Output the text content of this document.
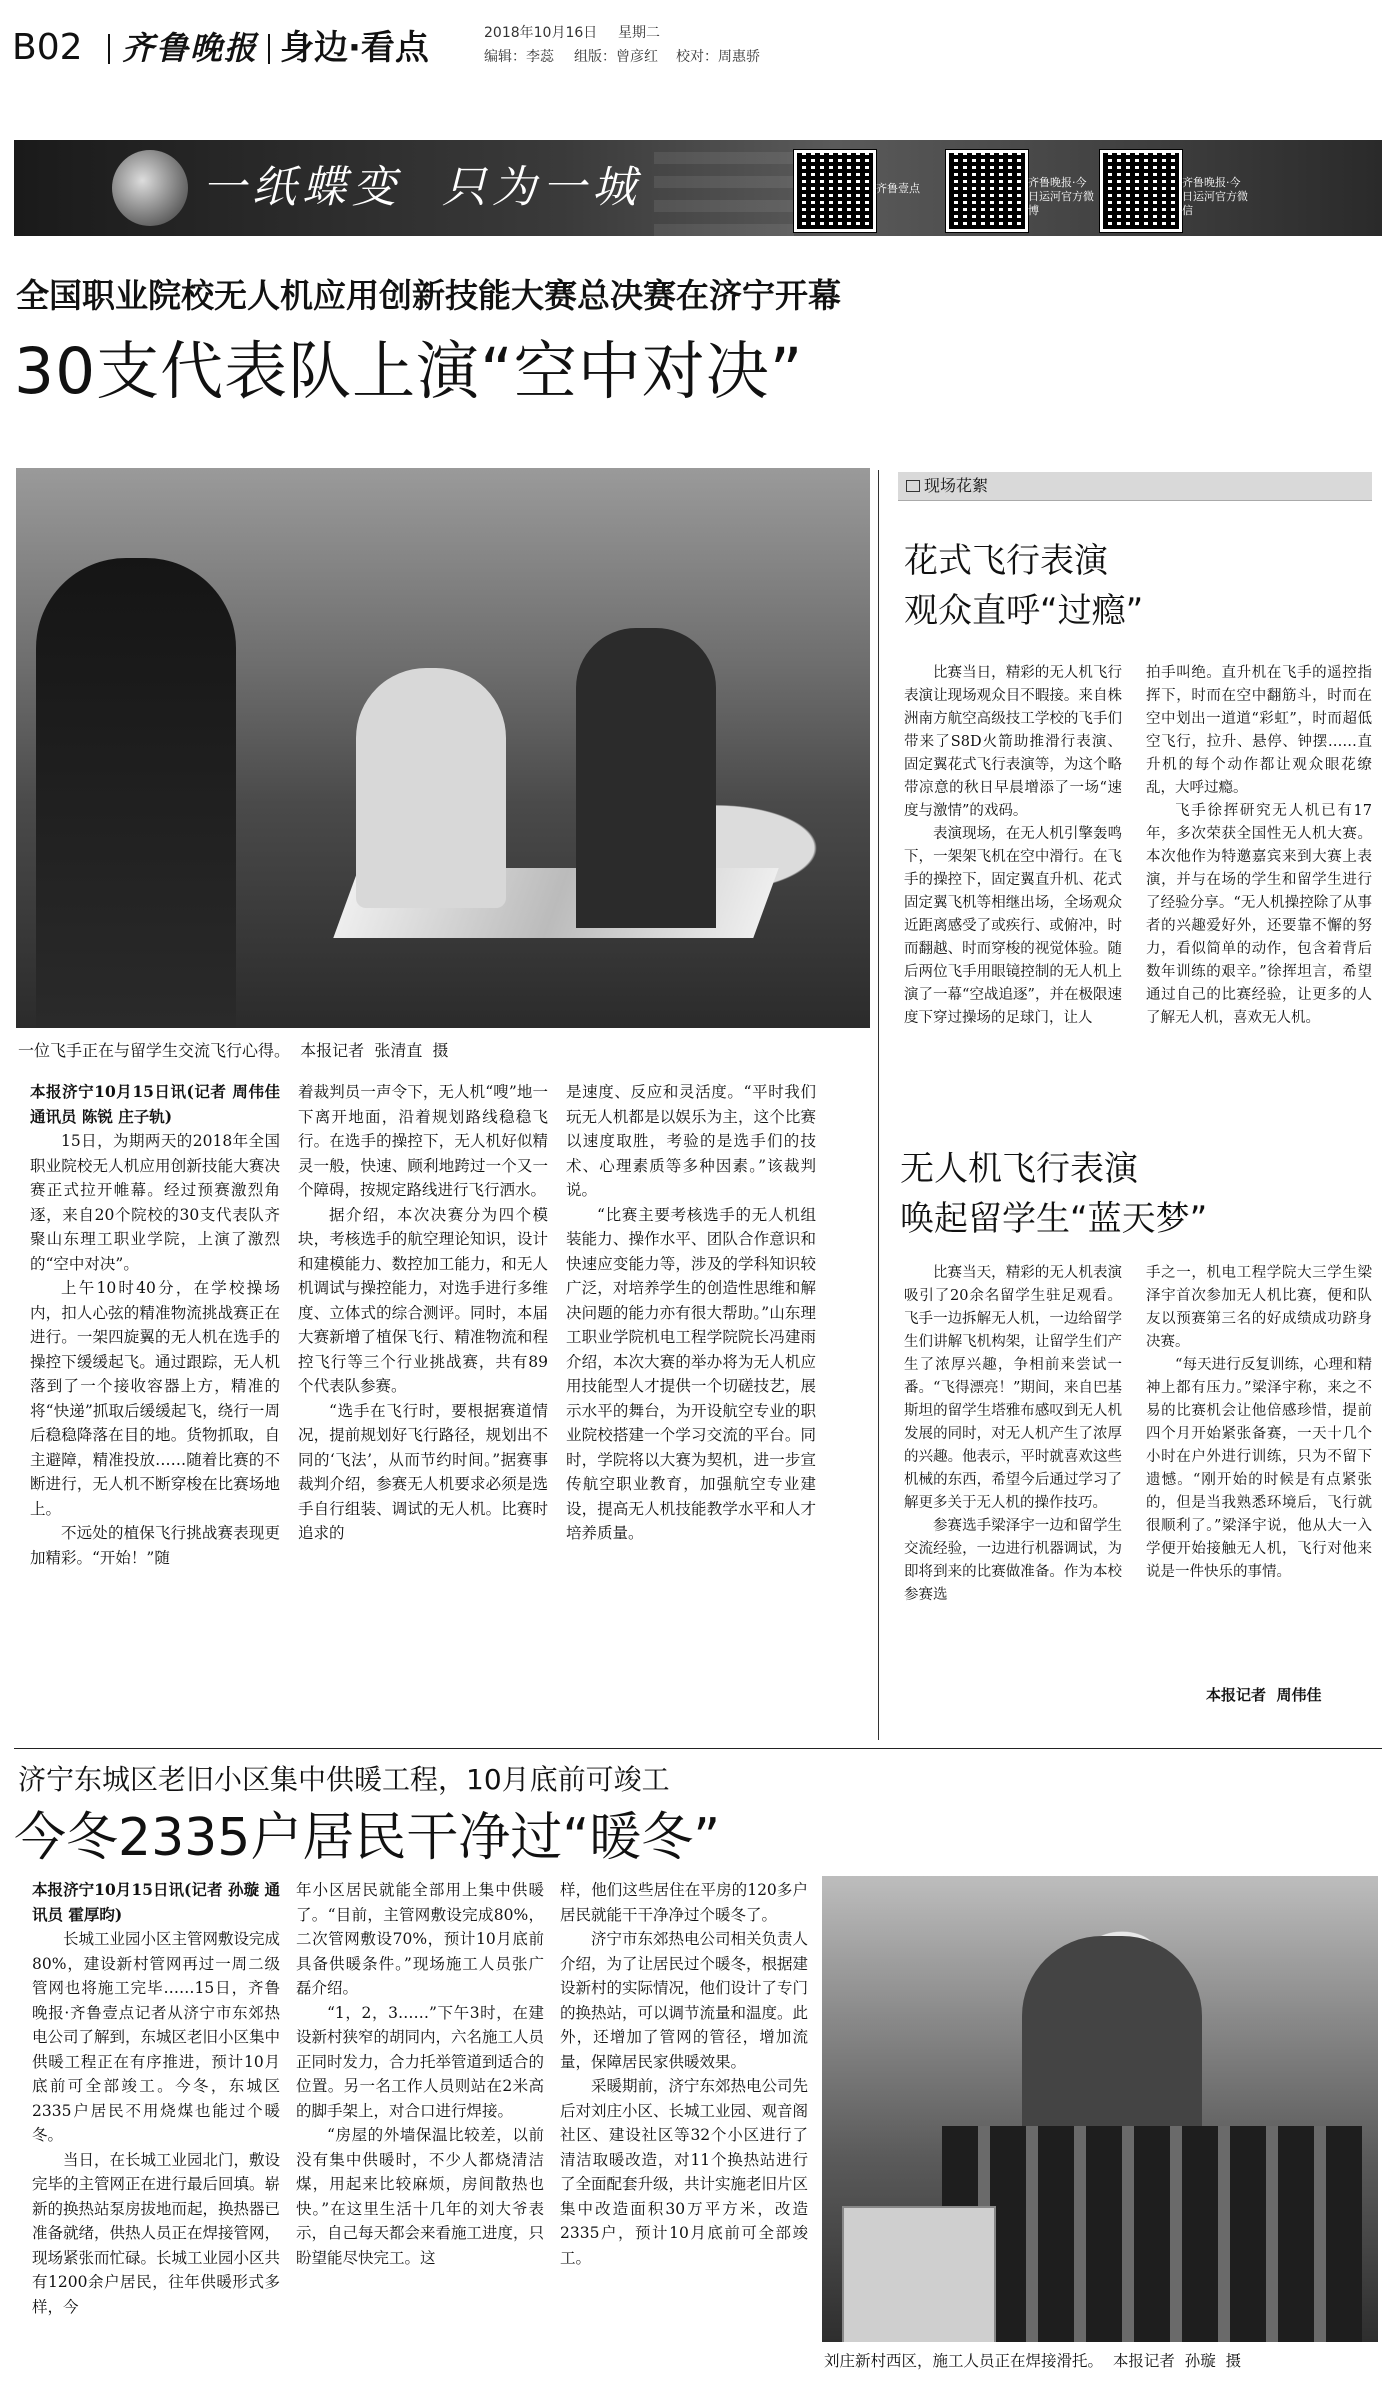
B02 齐鲁晚报 身边·看点	2018年10月16日 星期二
编辑：李蕊 组版：曾彦红 校对：周惠骄
一纸蝶变  只为一城	齐鲁壹点	齐鲁晚报·今日运河官方微博
齐鲁晚报·今日运河官方微信
全国职业院校无人机应用创新技能大赛总决赛在济宁开幕
30支代表队上演“空中对决”
一位飞手正在与留学生交流飞行心得。  本报记者  张清直  摄

本报济宁10月15日讯(记者 周伟佳 通讯员 陈锐 庄子轨)

15日，为期两天的2018年全国职业院校无人机应用创新技能大赛决赛正式拉开帷幕。经过预赛激烈角逐，来自20个院校的30支代表队齐聚山东理工职业学院，上演了激烈的“空中对决”。

上午10时40分，在学校操场内，扣人心弦的精准物流挑战赛正在进行。一架四旋翼的无人机在选手的操控下缓缓起飞。通过跟踪，无人机落到了一个接收容器上方，精准的将“快递”抓取后缓缓起飞，绕行一周后稳稳降落在目的地。货物抓取，自主避障，精准投放……随着比赛的不断进行，无人机不断穿梭在比赛场地上。

不远处的植保飞行挑战赛表现更加精彩。“开始！”随

着裁判员一声令下，无人机“嗖”地一下离开地面，沿着规划路线稳稳飞行。在选手的操控下，无人机好似精灵一般，快速、顾利地跨过一个又一个障碍，按规定路线进行飞行洒水。

据介绍，本次决赛分为四个模块，考核选手的航空理论知识，设计和建模能力、数控加工能力，和无人机调试与操控能力，对选手进行多维度、立体式的综合测评。同时，本届大赛新增了植保飞行、精准物流和程控飞行等三个行业挑战赛，共有89个代表队参赛。

“选手在飞行时，要根据赛道情况，提前规划好飞行路径，规划出不同的‘飞法’，从而节约时间。”据赛事裁判介绍，参赛无人机要求必须是选手自行组装、调试的无人机。比赛时追求的

是速度、反应和灵活度。“平时我们玩无人机都是以娱乐为主，这个比赛以速度取胜，考验的是选手们的技术、心理素质等多种因素。”该裁判说。

“比赛主要考核选手的无人机组装能力、操作水平、团队合作意识和快速应变能力等，涉及的学科知识较广泛，对培养学生的创造性思维和解决问题的能力亦有很大帮助。”山东理工职业学院机电工程学院院长冯建雨介绍，本次大赛的举办将为无人机应用技能型人才提供一个切磋技艺，展示水平的舞台，为开设航空专业的职业院校搭建一个学习交流的平台。同时，学院将以大赛为契机，进一步宣传航空职业教育，加强航空专业建设，提高无人机技能教学水平和人才培养质量。

现场花絮
花式飞行表演
观众直呼“过瘾”

比赛当日，精彩的无人机飞行表演让现场观众目不暇接。来自株洲南方航空高级技工学校的飞手们带来了S8D火箭助推滑行表演、固定翼花式飞行表演等，为这个略带凉意的秋日早晨增添了一场“速度与激情”的戏码。

表演现场，在无人机引擎轰鸣下，一架架飞机在空中滑行。在飞手的操控下，固定翼直升机、花式固定翼飞机等相继出场，全场观众近距离感受了或疾行、或俯冲，时而翻越、时而穿梭的视觉体验。随后两位飞手用眼镜控制的无人机上演了一幕“空战追逐”，并在极限速度下穿过操场的足球门，让人

拍手叫绝。直升机在飞手的遥控指挥下，时而在空中翻筋斗，时而在空中划出一道道“彩虹”，时而超低空飞行，拉升、悬停、钟摆……直升机的每个动作都让观众眼花缭乱，大呼过瘾。

飞手徐挥研究无人机已有17年，多次荣获全国性无人机大赛。本次他作为特邀嘉宾来到大赛上表演，并与在场的学生和留学生进行了经验分享。“无人机操控除了从事者的兴趣爱好外，还要靠不懈的努力，看似简单的动作，包含着背后数年训练的艰辛。”徐挥坦言，希望通过自己的比赛经验，让更多的人了解无人机，喜欢无人机。

无人机飞行表演
唤起留学生“蓝天梦”

比赛当天，精彩的无人机表演吸引了20余名留学生驻足观看。飞手一边拆解无人机，一边给留学生们讲解飞机构架，让留学生们产生了浓厚兴趣，争相前来尝试一番。“飞得漂亮！”期间，来自巴基斯坦的留学生塔雅布感叹到无人机发展的同时，对无人机产生了浓厚的兴趣。他表示，平时就喜欢这些机械的东西，希望今后通过学习了解更多关于无人机的操作技巧。

参赛选手梁泽宇一边和留学生交流经验，一边进行机器调试，为即将到来的比赛做准备。作为本校参赛选

手之一，机电工程学院大三学生梁泽宇首次参加无人机比赛，便和队友以预赛第三名的好成绩成功跻身决赛。

“每天进行反复训练，心理和精神上都有压力。”梁泽宇称，来之不易的比赛机会让他倍感珍惜，提前四个月开始紧张备赛，一天十几个小时在户外进行训练，只为不留下遗憾。“刚开始的时候是有点紧张的，但是当我熟悉环境后，飞行就很顺利了。”梁泽宇说，他从大一入学便开始接触无人机，飞行对他来说是一件快乐的事情。

本报记者  周伟佳
济宁东城区老旧小区集中供暖工程，10月底前可竣工
今冬2335户居民干净过“暖冬”

本报济宁10月15日讯(记者 孙璇 通讯员 霍厚昀)

长城工业园小区主管网敷设完成80%，建设新村管网再过一周二级管网也将施工完毕……15日，齐鲁晚报·齐鲁壹点记者从济宁市东郊热电公司了解到，东城区老旧小区集中供暖工程正在有序推进，预计10月底前可全部竣工。今冬，东城区2335户居民不用烧煤也能过个暖冬。

当日，在长城工业园北门，敷设完毕的主管网正在进行最后回填。崭新的换热站泵房拔地而起，换热器已准备就绪，供热人员正在焊接管网，现场紧张而忙碌。长城工业园小区共有1200余户居民，往年供暖形式多样，今

年小区居民就能全部用上集中供暖了。“目前，主管网敷设完成80%，二次管网敷设70%，预计10月底前具备供暖条件。”现场施工人员张广磊介绍。

“1，2，3……”下午3时，在建设新村狭窄的胡同内，六名施工人员正同时发力，合力托举管道到适合的位置。另一名工作人员则站在2米高的脚手架上，对合口进行焊接。

“房屋的外墙保温比较差，以前没有集中供暖时，不少人都烧清洁煤，用起来比较麻烦，房间散热也快。”在这里生活十几年的刘大爷表示，自己每天都会来看施工进度，只盼望能尽快完工。这

样，他们这些居住在平房的120多户居民就能干干净净过个暖冬了。

济宁市东郊热电公司相关负责人介绍，为了让居民过个暖冬，根据建设新村的实际情况，他们设计了专门的换热站，可以调节流量和温度。此外，还增加了管网的管径，增加流量，保障居民家供暖效果。

采暖期前，济宁东郊热电公司先后对刘庄小区、长城工业园、观音阁社区、建设社区等32个小区进行了清洁取暖改造，对11个换热站进行了全面配套升级，共计实施老旧片区集中改造面积30万平方米，改造2335户，预计10月底前可全部竣工。

刘庄新村西区，施工人员正在焊接滑托。  本报记者  孙璇  摄
